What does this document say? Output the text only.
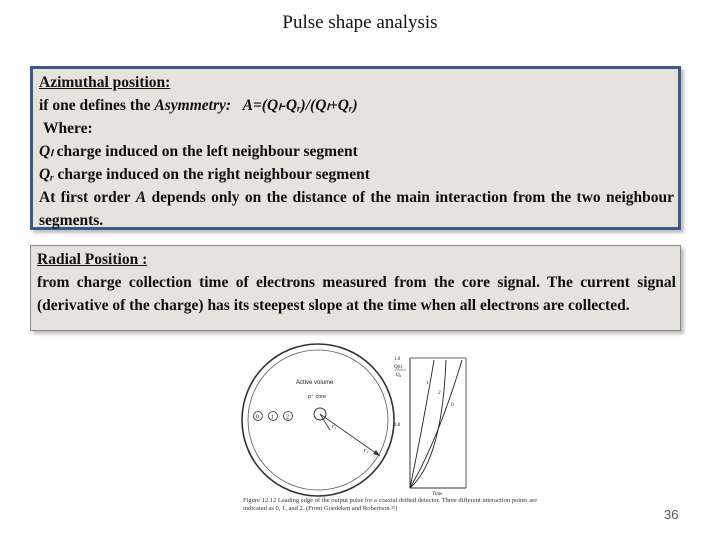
Pulse shape analysis
Azimuthal position:
if one defines the Asymmetry: A=(Qₗ-Qᵣ)/(Qₗ+Qᵣ)
Where:
Qₗ charge induced on the left neighbour segment
Qᵣ charge induced on the right neighbour segment
At first order A depends only on the distance of the main interaction from the two neighbour segments.
Radial Position :
from charge collection time of electrons measured from the core signal. The current signal (derivative of the charge) has its steepest slope at the time when all electrons are collected.
Active volume
p⁺ core
r₁
r₂
0 1 2
Q(t)
Q₀
1.0
0.8
1
2
0
Time
Figure 12.12 Leading edge of the output pulse for a coaxial drifted detector. Three different interaction points are indicated as 0, 1, and 2. (From Goedeken and Robertson.²¹)	36
